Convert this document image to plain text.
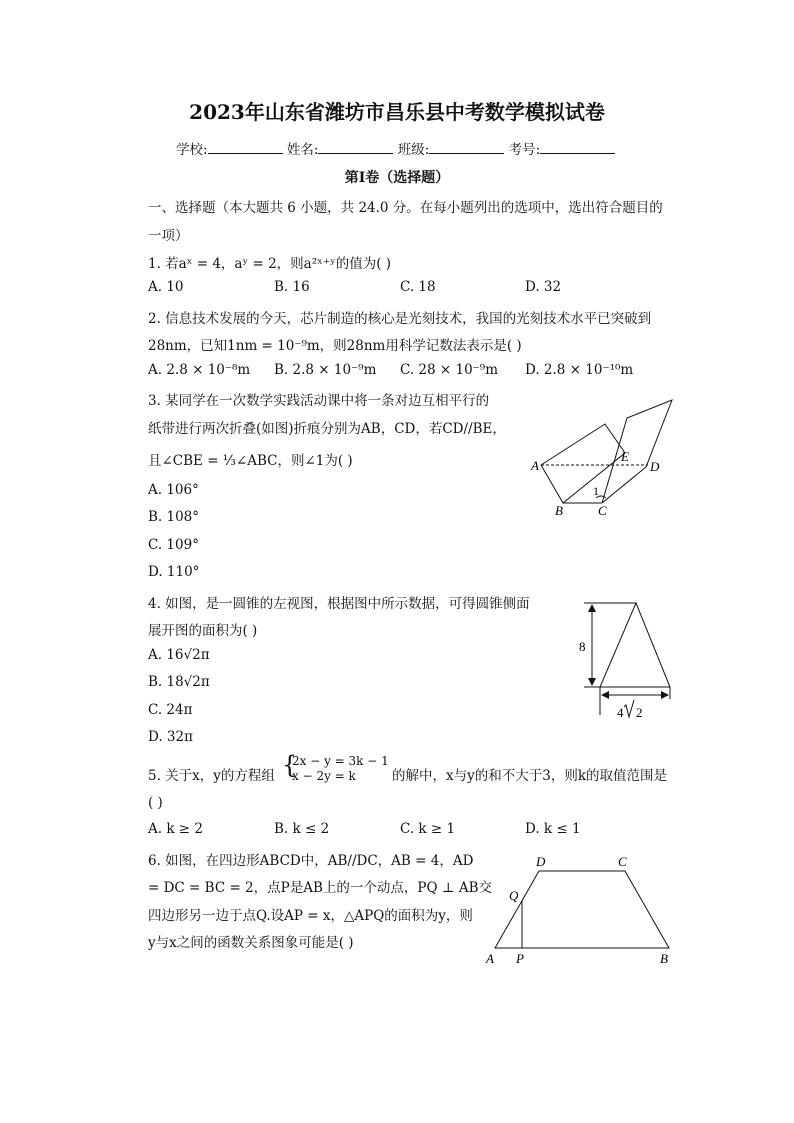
2023年山东省潍坊市昌乐县中考数学模拟试卷
学校:	姓名:	班级:	考号:
第I卷（选择题）
一、选择题（本大题共 6 小题，共 24.0 分。在每小题列出的选项中，选出符合题目的
一项）
1. 若aˣ = 4，aʸ = 2，则a²ˣ⁺ʸ的值为( )
A. 10	B. 16	C. 18	D. 32
2. 信息技术发展的今天，芯片制造的核心是光刻技术，我国的光刻技术水平已突破到
28nm，已知1nm = 10⁻⁹m，则28nm用科学记数法表示是( )
A. 2.8 × 10⁻⁸m B. 2.8 × 10⁻⁹m C. 28 × 10⁻⁹m D. 2.8 × 10⁻¹⁰m
3. 某同学在一次数学实践活动课中将一条对边互相平行的
纸带进行两次折叠(如图)折痕分别为AB，CD，若CD//BE，
且∠CBE = ⅓∠ABC，则∠1为( )
A. 106°
B. 108°
C. 109°
D. 110°
A
E
D
1
B	C
4. 如图，是一圆锥的左视图，根据图中所示数据，可得圆锥侧面
展开图的面积为( )
A. 16√2π
B. 18√2π
C. 24π
D. 32π
8
4 2
5. 关于x，y的方程组 {
2x − y = 3k − 1
x − 2y = k	的解中，x与y的和不大于3，则k的取值范围是
( )
A. k ≥ 2	B. k ≤ 2	C. k ≥ 1	D. k ≤ 1
6. 如图，在四边形ABCD中，AB//DC，AB = 4，AD
= DC = BC = 2，点P是AB上的一个动点，PQ ⊥ AB交
四边形另一边于点Q.设AP = x，△APQ的面积为y，则
y与x之间的函数关系图象可能是( )
D	C
Q
A P	B
